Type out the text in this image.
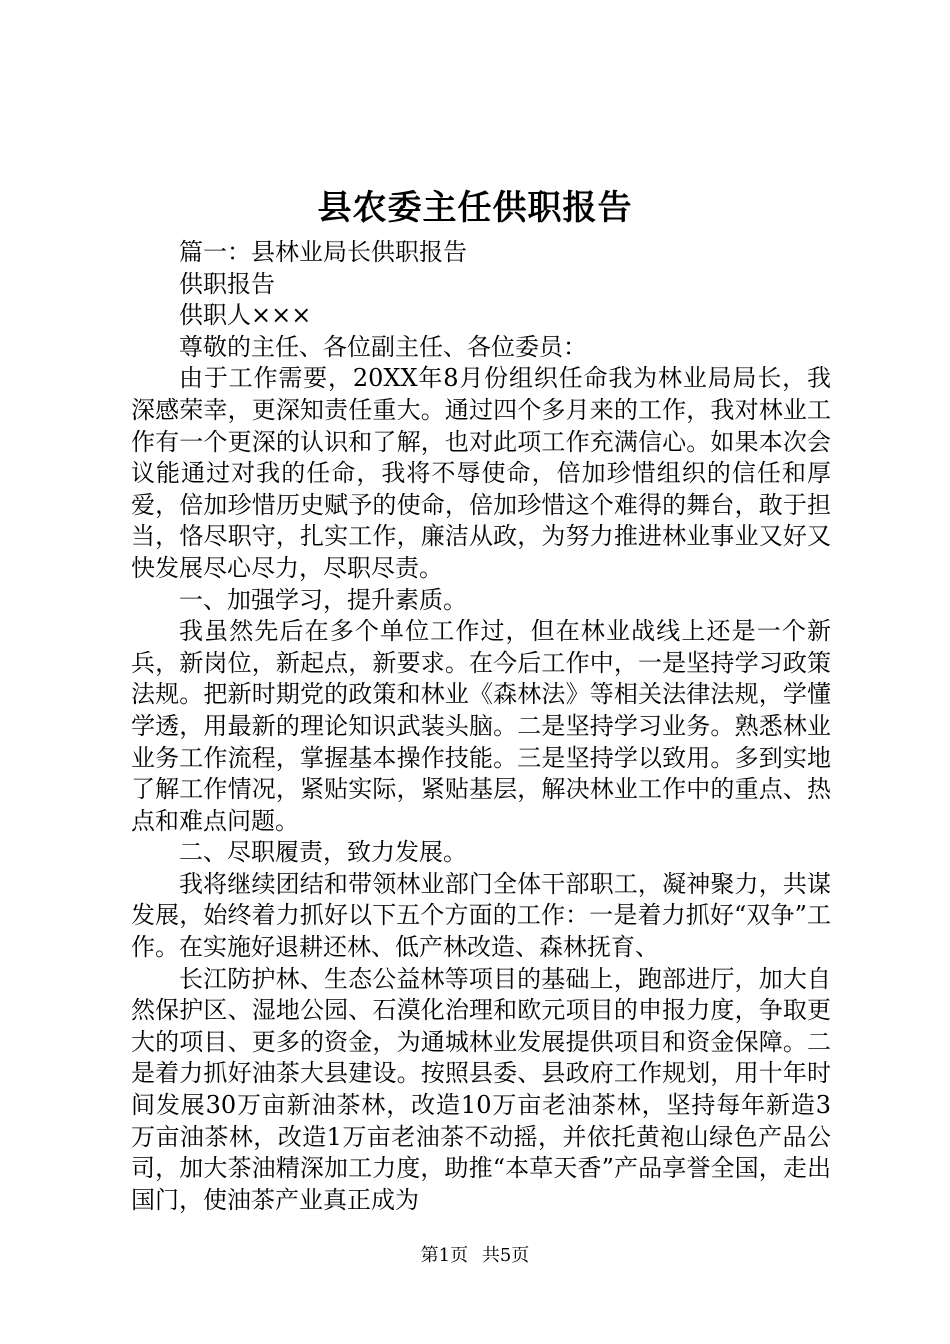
县农委主任供职报告

篇一：县林业局长供职报告

供职报告

供职人×××

尊敬的主任、各位副主任、各位委员：

由于工作需要，20XX年8月份组织任命我为林业局局长，我深感荣幸，更深知责任重大。通过四个多月来的工作，我对林业工作有一个更深的认识和了解，也对此项工作充满信心。如果本次会议能通过对我的任命，我将不辱使命，倍加珍惜组织的信任和厚爱，倍加珍惜历史赋予的使命，倍加珍惜这个难得的舞台，敢于担当，恪尽职守，扎实工作，廉洁从政，为努力推进林业事业又好又快发展尽心尽力，尽职尽责。

一、加强学习，提升素质。

我虽然先后在多个单位工作过，但在林业战线上还是一个新兵，新岗位，新起点，新要求。在今后工作中，一是坚持学习政策法规。把新时期党的政策和林业《森林法》等相关法律法规，学懂学透，用最新的理论知识武装头脑。二是坚持学习业务。熟悉林业业务工作流程，掌握基本操作技能。三是坚持学以致用。多到实地了解工作情况，紧贴实际，紧贴基层，解决林业工作中的重点、热点和难点问题。

二、尽职履责，致力发展。

我将继续团结和带领林业部门全体干部职工，凝神聚力，共谋发展，始终着力抓好以下五个方面的工作：一是着力抓好“双争”工作。在实施好退耕还林、低产林改造、森林抚育、

长江防护林、生态公益林等项目的基础上，跑部进厅，加大自然保护区、湿地公园、石漠化治理和欧元项目的申报力度，争取更大的项目、更多的资金，为通城林业发展提供项目和资金保障。二是着力抓好油茶大县建设。按照县委、县政府工作规划，用十年时间发展30万亩新油茶林，改造10万亩老油茶林，坚持每年新造3万亩油茶林，改造1万亩老油茶不动摇，并依托黄袍山绿色产品公司，加大茶油精深加工力度，助推“本草天香”产品享誉全国，走出国门，使油茶产业真正成为

第1页 共5页
